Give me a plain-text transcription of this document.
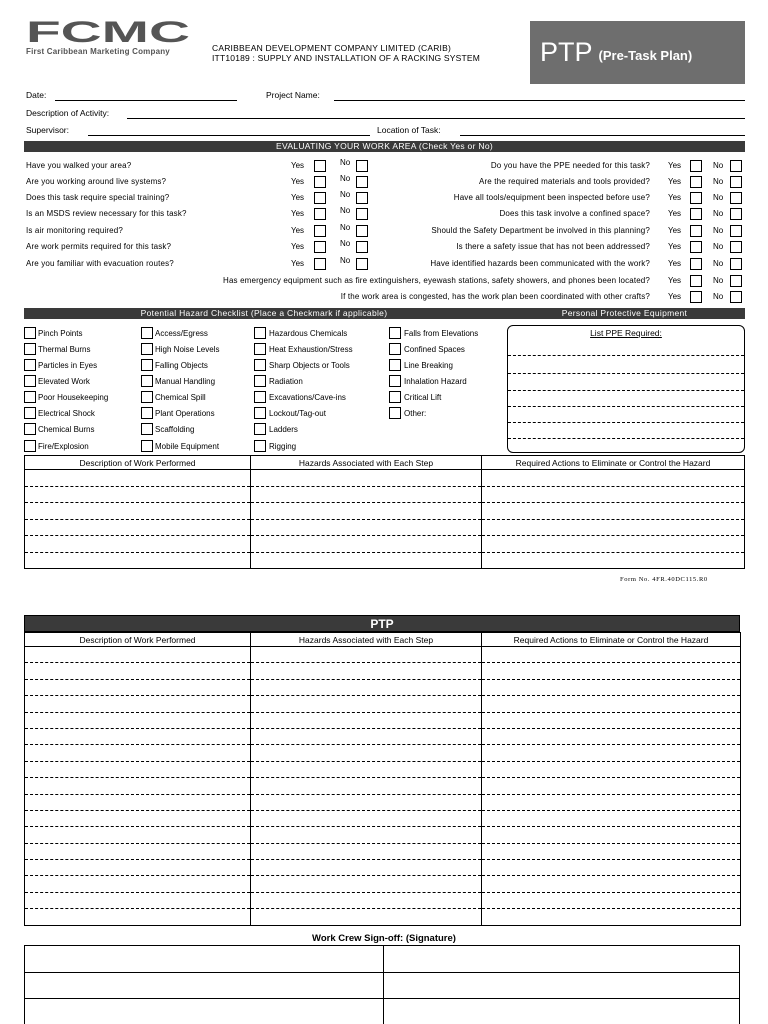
FCMC
First Caribbean Marketing Company	CARIBBEAN DEVELOPMENT COMPANY LIMITED (CARIB)
ITT10189 : SUPPLY AND INSTALLATION OF A RACKING SYSTEM PTP (Pre-Task Plan)
Date:	Project Name:
Description of Activity:
Supervisor:	Location of Task:
EVALUATING YOUR WORK AREA (Check Yes or No)
Have you walked your area?	Yes	No
Are you working around live systems?	Yes	No
Does this task require special training?	Yes	No
Is an MSDS review necessary for this task?	Yes	No
Is air monitoring required?	Yes	No
Are work permits required for this task?	Yes	No
Are you familiar with evacuation routes?	Yes	No
Do you have the PPE needed for this task? Yes	No
Are the required materials and tools provided? Yes	No
Have all tools/equipment been inspected before use? Yes	No
Does this task involve a confined space? Yes	No
Should the Safety Department be involved in this planning? Yes	No
Is there a safety issue that has not been addressed? Yes	No
Have identified hazards been communicated with the work? Yes	No
Has emergency equipment such as fire extinguishers, eyewash stations, safety showers, and phones been located? Yes	No
If the work area is congested, has the work plan been coordinated with other crafts? Yes	No
Potential Hazard Checklist (Place a Checkmark if applicable)	Personal Protective Equipment
Pinch Points
Thermal Burns
Particles in Eyes
Elevated Work
Poor Housekeeping
Electrical Shock
Chemical Burns
Fire/Explosion
Access/Egress
High Noise Levels
Falling Objects
Manual Handling
Chemical Spill
Plant Operations
Scaffolding
Mobile Equipment
Hazardous Chemicals
Heat Exhaustion/Stress
Sharp Objects or Tools
Radiation
Excavations/Cave-ins
Lockout/Tag-out
Ladders
Rigging
Falls from Elevations
Confined Spaces
Line Breaking
Inhalation Hazard
Critical Lift
Other:
List PPE Required:
Description of Work Performed	Hazards Associated with Each Step	Required Actions to Eliminate or Control the Hazard

Form No. 4FR.40DC115.R0
PTP
Description of Work Performed	Hazards Associated with Each Step	Required Actions to Eliminate or Control the Hazard

Work Crew Sign-off: (Signature)
